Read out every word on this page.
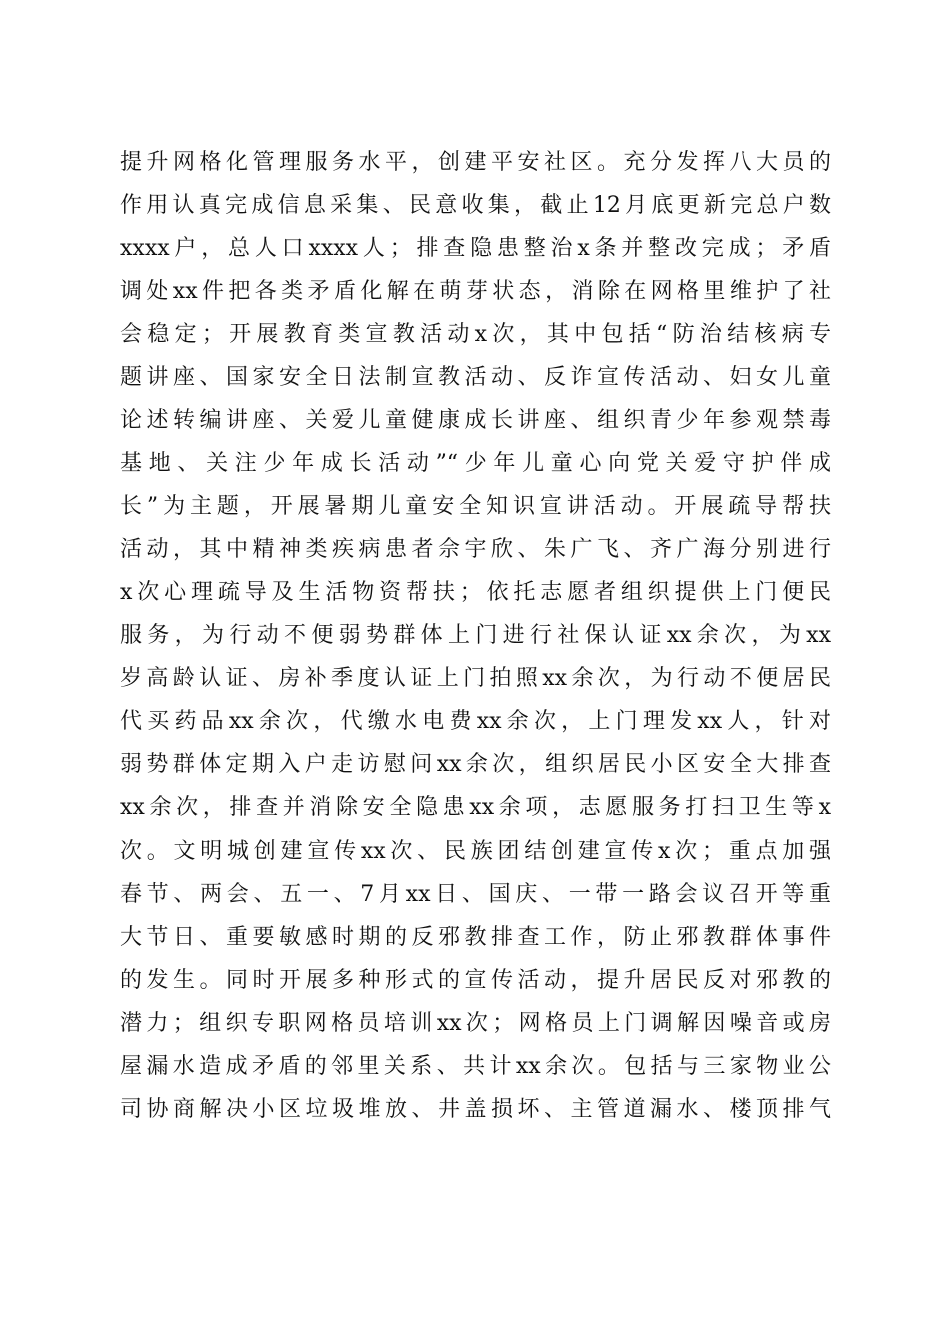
提升网格化管理服务水平，创建平安社区。充分发挥八大员的
作用认真完成信息采集、民意收集，截止12月底更新完总户数
xxxx户，总人口xxxx人；排查隐患整治x条并整改完成；矛盾
调处xx件把各类矛盾化解在萌芽状态，消除在网格里维护了社
会稳定；开展教育类宣教活动x次，其中包括“防治结核病专
题讲座、国家安全日法制宣教活动、反诈宣传活动、妇女儿童
论述转编讲座、关爱儿童健康成长讲座、组织青少年参观禁毒
基地、关注少年成长活动”“少年儿童心向党关爱守护伴成
长”为主题，开展暑期儿童安全知识宣讲活动。开展疏导帮扶
活动，其中精神类疾病患者佘宇欣、朱广飞、齐广海分别进行
x次心理疏导及生活物资帮扶；依托志愿者组织提供上门便民
服务，为行动不便弱势群体上门进行社保认证xx余次，为xx
岁高龄认证、房补季度认证上门拍照xx余次，为行动不便居民
代买药品xx余次，代缴水电费xx余次，上门理发xx人，针对
弱势群体定期入户走访慰问xx余次，组织居民小区安全大排查
xx余次，排查并消除安全隐患xx余项，志愿服务打扫卫生等x
次。文明城创建宣传xx次、民族团结创建宣传x次；重点加强
春节、两会、五一、7月xx日、国庆、一带一路会议召开等重
大节日、重要敏感时期的反邪教排查工作，防止邪教群体事件
的发生。同时开展多种形式的宣传活动，提升居民反对邪教的
潜力；组织专职网格员培训xx次；网格员上门调解因噪音或房
屋漏水造成矛盾的邻里关系、共计xx余次。包括与三家物业公
司协商解决小区垃圾堆放、井盖损坏、主管道漏水、楼顶排气
